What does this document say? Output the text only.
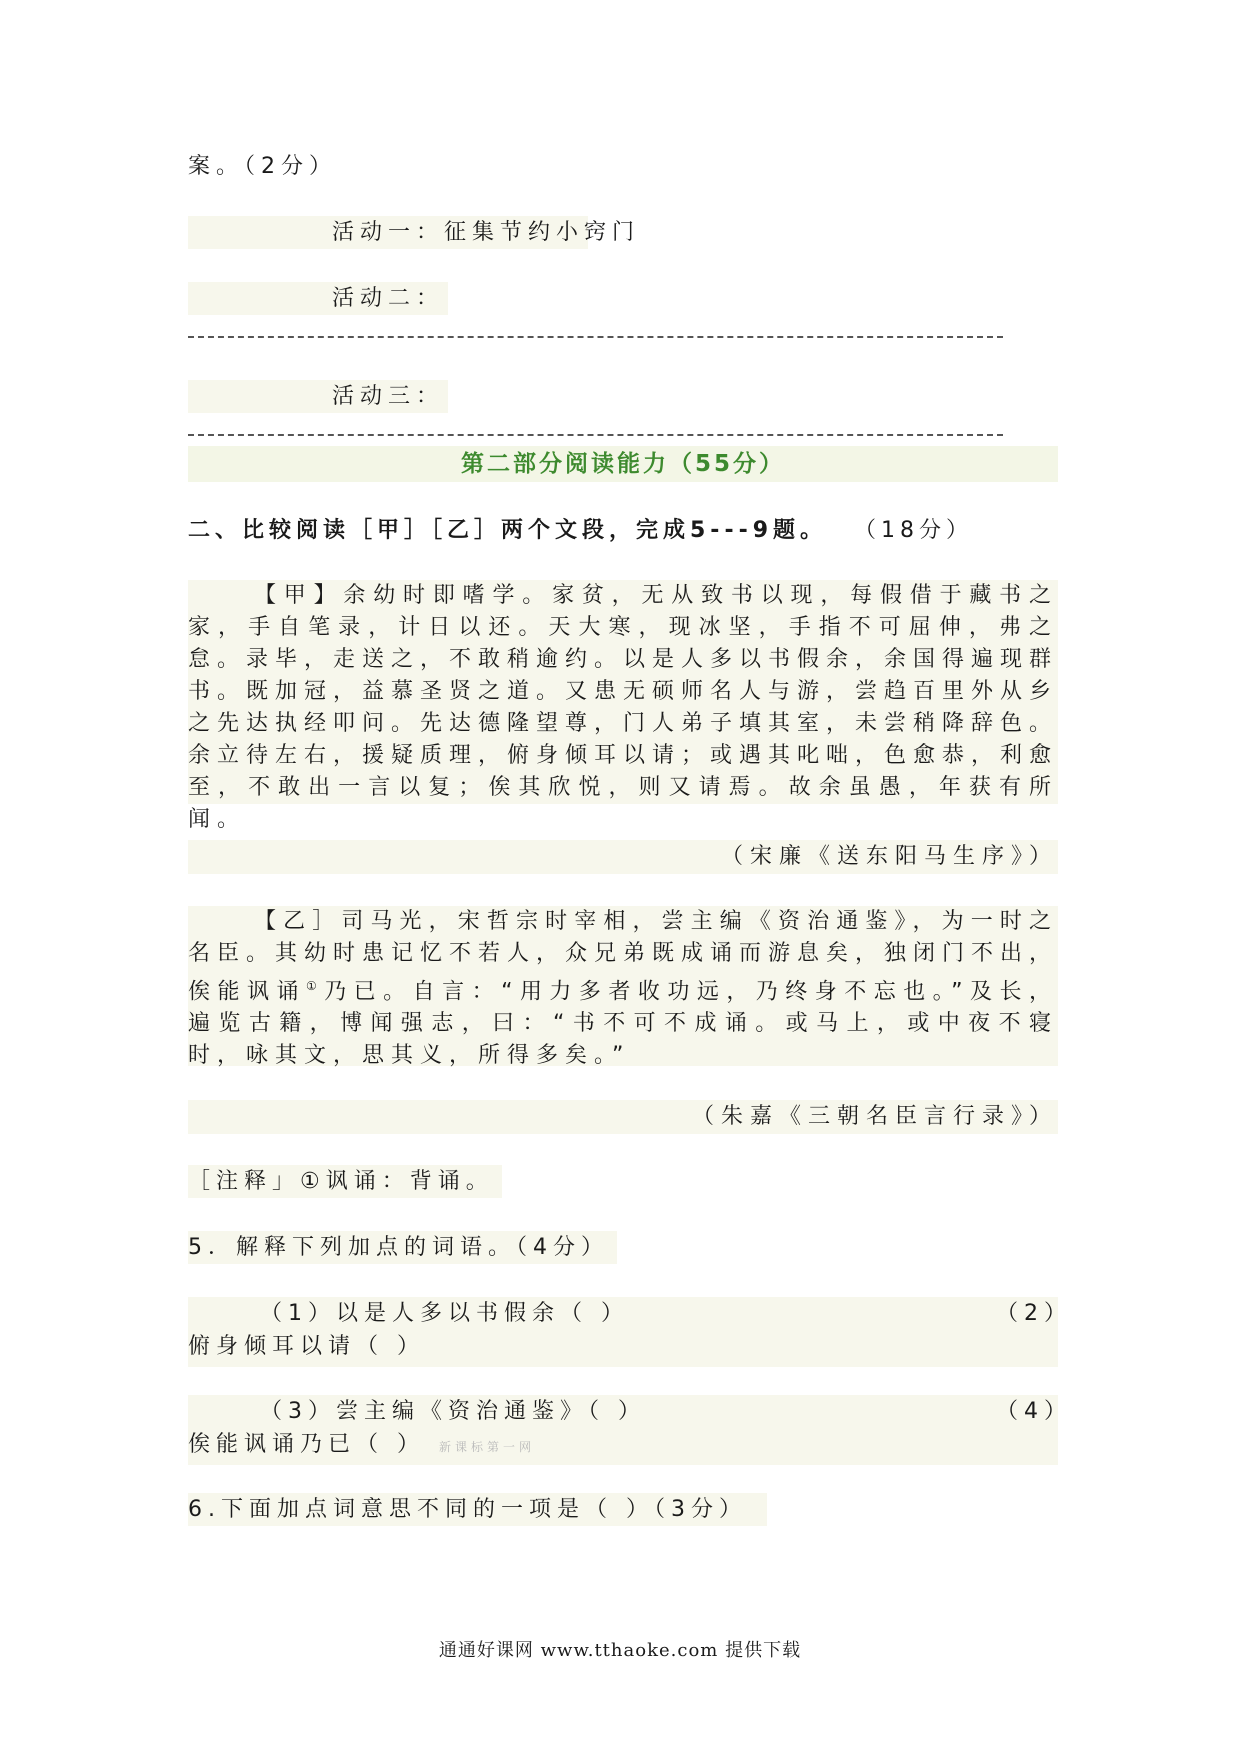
案。（2分）
活动一：征集节约小窍门
活动二：
活动三：
第二部分阅读能力（55分）
二、比较阅读［甲］［乙］两个文段，完成5---9题。 （18分）

【甲】余幼时即嗜学。家贫，无从致书以现，每假借于藏书之家，手自笔录，计日以还。天大寒，现冰坚，手指不可屈伸，弗之怠。录毕，走送之，不敢稍逾约。以是人多以书假余，余国得遍现群书。既加冠，益慕圣贤之道。又患无硕师名人与游，尝趋百里外从乡之先达执经叩问。先达德隆望尊，门人弟子填其室，未尝稍降辞色。余立待左右，援疑质理，俯身倾耳以请；或遇其叱咄，色愈恭，利愈至，不敢出一言以复；俟其欣悦，则又请焉。故余虽愚，年获有所闻。

（宋廉《送东阳马生序》）

【乙］司马光，宋哲宗时宰相，尝主编《资治通鉴》，为一时之名臣。其幼时患记忆不若人，众兄弟既成诵而游息矣，独闭门不出，俟能讽诵①乃已。自言：“用力多者收功远，乃终身不忘也。”及长，遍览古籍，博闻强志，曰：“书不可不成诵。或马上，或中夜不寝时，咏其文，思其义，所得多矣。”

（朱嘉《三朝名臣言行录》）
［注释」①讽诵：背诵。
5．解释下列加点的词语。（4分）
（1）以是人多以书假余（ ）	（2）
俯身倾耳以请（ ）
（3）尝主编《资治通鉴》（ ）	（4）
俟能讽诵乃已（ ） 新课标第一网
6.下面加点词意思不同的一项是（ ）（3分）
通通好课网 www.tthaoke.com 提供下载
